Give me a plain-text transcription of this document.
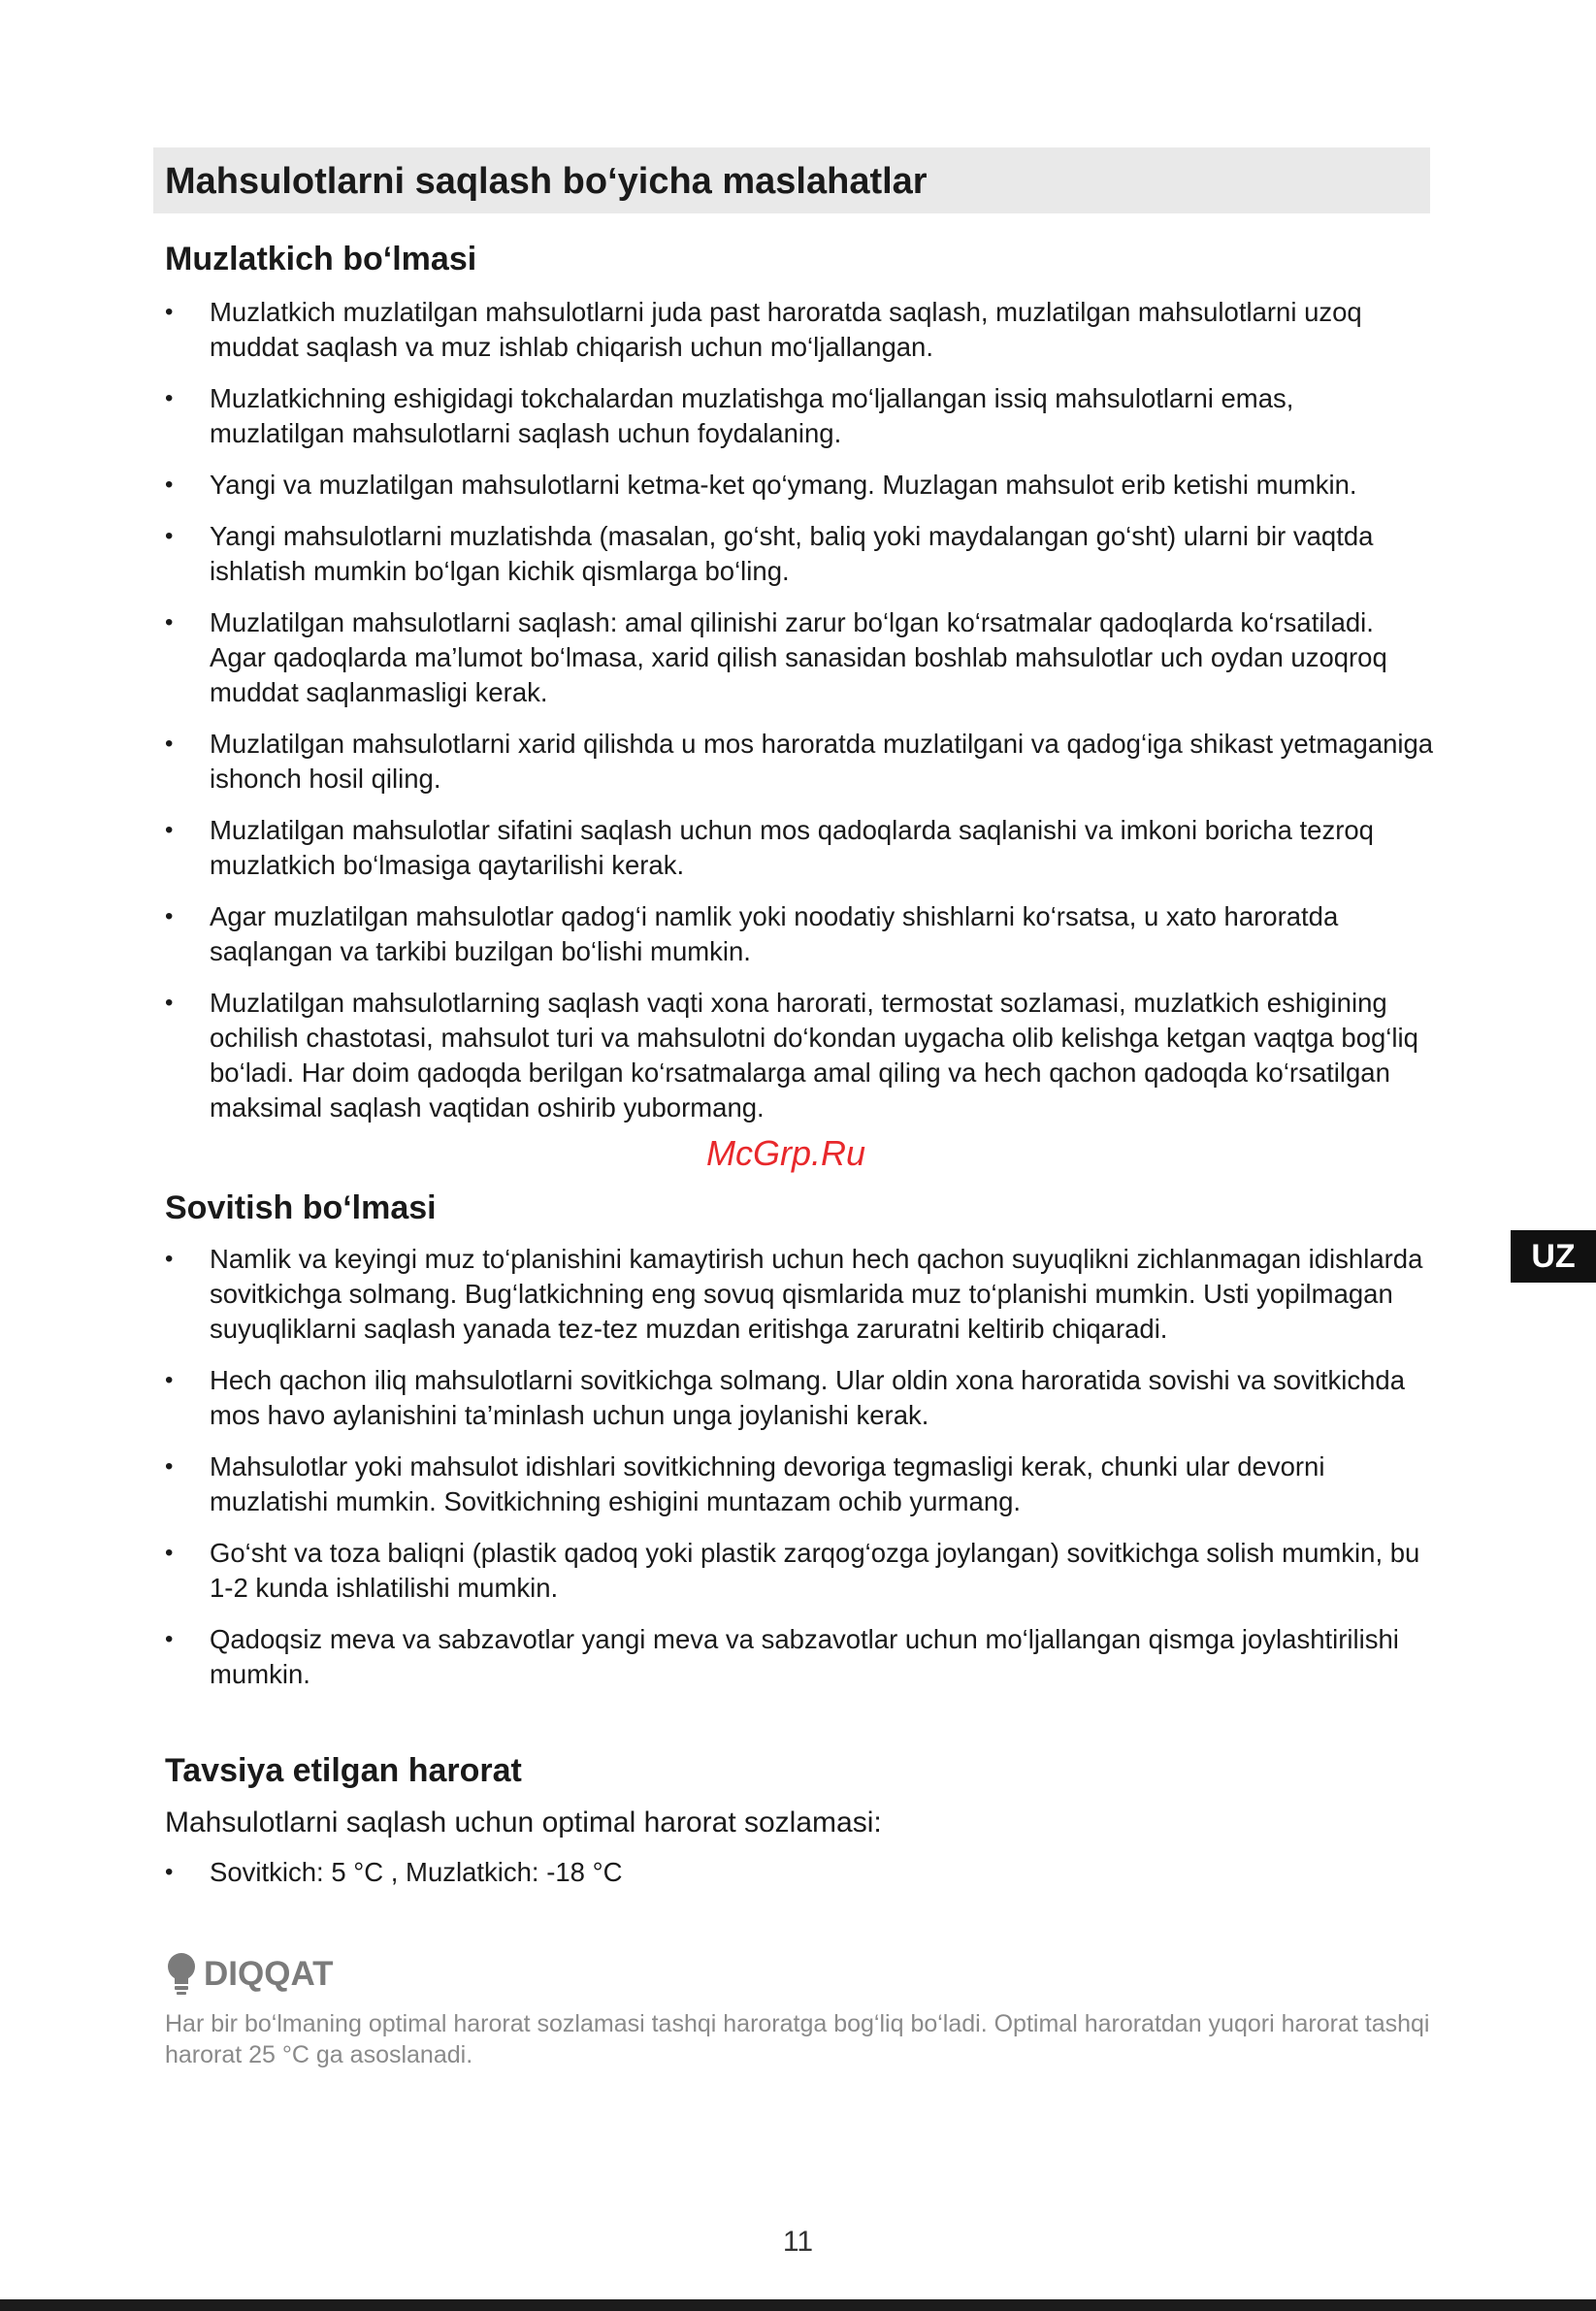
Mahsulotlarni saqlash bo‘yicha maslahatlar
Muzlatkich bo‘lmasi
• Muzlatkich muzlatilgan mahsulotlarni juda past haroratda saqlash, muzlatilgan mahsulotlarni uzoq muddat saqlash va muz ishlab chiqarish uchun mo‘ljallangan.
• Muzlatkichning eshigidagi tokchalardan muzlatishga mo‘ljallangan issiq mahsulotlarni emas, muzlatilgan mahsulotlarni saqlash uchun foydalaning.
• Yangi va muzlatilgan mahsulotlarni ketma-ket qo‘ymang. Muzlagan mahsulot erib ketishi mumkin.
• Yangi mahsulotlarni muzlatishda (masalan, go‘sht, baliq yoki maydalangan go‘sht) ularni bir vaqtda ishlatish mumkin bo‘lgan kichik qismlarga bo‘ling.
• Muzlatilgan mahsulotlarni saqlash: amal qilinishi zarur bo‘lgan ko‘rsatmalar qadoqlarda ko‘rsatiladi. Agar qadoqlarda ma’lumot bo‘lmasa, xarid qilish sanasidan boshlab mahsulotlar uch oydan uzoqroq muddat saqlanmasligi kerak.
• Muzlatilgan mahsulotlarni xarid qilishda u mos haroratda muzlatilgani va qadog‘iga shikast yetmaganiga ishonch hosil qiling.
• Muzlatilgan mahsulotlar sifatini saqlash uchun mos qadoqlarda saqlanishi va imkoni boricha tezroq muzlatkich bo‘lmasiga qaytarilishi kerak.
• Agar muzlatilgan mahsulotlar qadog‘i namlik yoki noodatiy shishlarni ko‘rsatsa, u xato haroratda saqlangan va tarkibi buzilgan bo‘lishi mumkin.
• Muzlatilgan mahsulotlarning saqlash vaqti xona harorati, termostat sozlamasi, muzlatkich eshigining ochilish chastotasi, mahsulot turi va mahsulotni do‘kondan uygacha olib kelishga ketgan vaqtga bog‘liq bo‘ladi. Har doim qadoqda berilgan ko‘rsatmalarga amal qiling va hech qachon qadoqda ko‘rsatilgan maksimal saqlash vaqtidan oshirib yubormang.
McGrp.Ru
Sovitish bo‘lmasi
• Namlik va keyingi muz to‘planishini kamaytirish uchun hech qachon suyuqlikni zichlanmagan idishlarda sovitkichga solmang. Bug‘latkichning eng sovuq qismlarida muz to‘planishi mumkin. Usti yopilmagan suyuqliklarni saqlash yanada tez-tez muzdan eritishga zaruratni keltirib chiqaradi.
• Hech qachon iliq mahsulotlarni sovitkichga solmang. Ular oldin xona haroratida sovishi va sovitkichda mos havo aylanishini ta’minlash uchun unga joylanishi kerak.
• Mahsulotlar yoki mahsulot idishlari sovitkichning devoriga tegmasligi kerak, chunki ular devorni muzlatishi mumkin. Sovitkichning eshigini muntazam ochib yurmang.
• Go‘sht va toza baliqni (plastik qadoq yoki plastik zarqog‘ozga joylangan) sovitkichga solish mumkin, bu 1-2 kunda ishlatilishi mumkin.
• Qadoqsiz meva va sabzavotlar yangi meva va sabzavotlar uchun mo‘ljallangan qismga joylashtirilishi mumkin.
UZ
Tavsiya etilgan harorat

Mahsulotlarni saqlash uchun optimal harorat sozlamasi:

• Sovitkich: 5 °C , Muzlatkich: -18 °C
DIQQAT

Har bir bo‘lmaning optimal harorat sozlamasi tashqi haroratga bog‘liq bo‘ladi. Optimal haroratdan yuqori harorat tashqi harorat 25 °C ga asoslanadi.

11
